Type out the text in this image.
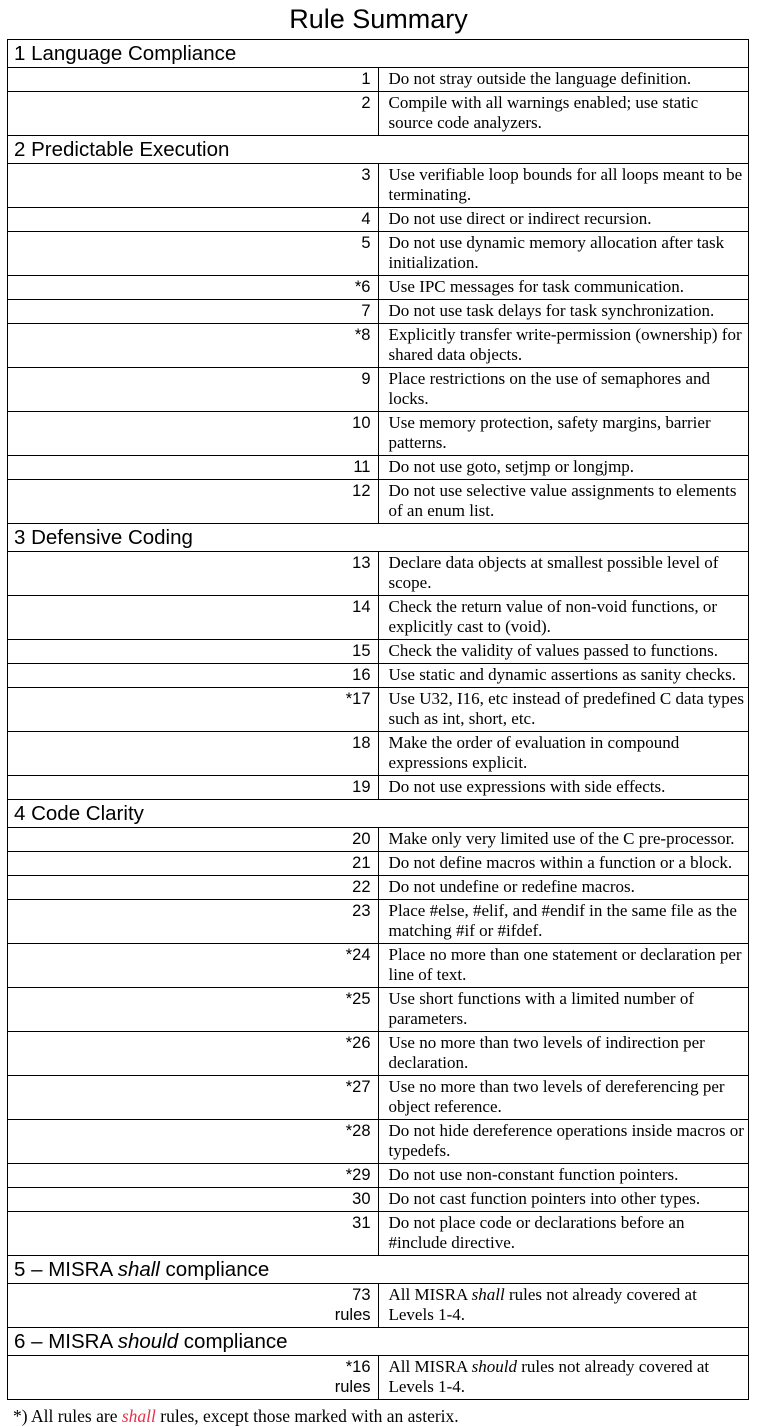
Rule Summary
1 Language Compliance	

1	Do not stray outside the language definition.

2	Compile with all warnings enabled; use static source code analyzers.
2 Predictable Execution	

3	Use verifiable loop bounds for all loops meant to be terminating.

4	Do not use direct or indirect recursion.

5	Do not use dynamic memory allocation after task initialization.

*6	Use IPC messages for task communication.

7	Do not use task delays for task synchronization.

*8	Explicitly transfer write-permission (ownership) for shared data objects.

9	Place restrictions on the use of semaphores and locks.

10	Use memory protection, safety margins, barrier patterns.

11	Do not use goto, setjmp or longjmp.

12	Do not use selective value assignments to elements of an enum list.
3 Defensive Coding	

13	Declare data objects at smallest possible level of scope.

14	Check the return value of non-void functions, or explicitly cast to (void).

15	Check the validity of values passed to functions.

16	Use static and dynamic assertions as sanity checks.

*17	Use U32, I16, etc instead of predefined C data types such as int, short, etc.

18	Make the order of evaluation in compound expressions explicit.

19	Do not use expressions with side effects.
4 Code Clarity	

20	Make only very limited use of the C pre-processor.

21	Do not define macros within a function or a block.

22	Do not undefine or redefine macros.

23	Place #else, #elif, and #endif in the same file as the matching #if or #ifdef.

*24	Place no more than one statement or declaration per line of text.

*25	Use short functions with a limited number of parameters.

*26	Use no more than two levels of indirection per declaration.

*27	Use no more than two levels of dereferencing per object reference.

*28	Do not hide dereference operations inside macros or typedefs.

*29	Do not use non-constant function pointers.

30	Do not cast function pointers into other types.

31	Do not place code or declarations before an #include directive.
5 – MISRA shall compliance	

73
rules	All MISRA shall rules not already covered at Levels 1-4.
6 – MISRA should compliance	

*16
rules	All MISRA should rules not already covered at Levels 1-4.

*) All rules are shall rules, except those marked with an asterix.
